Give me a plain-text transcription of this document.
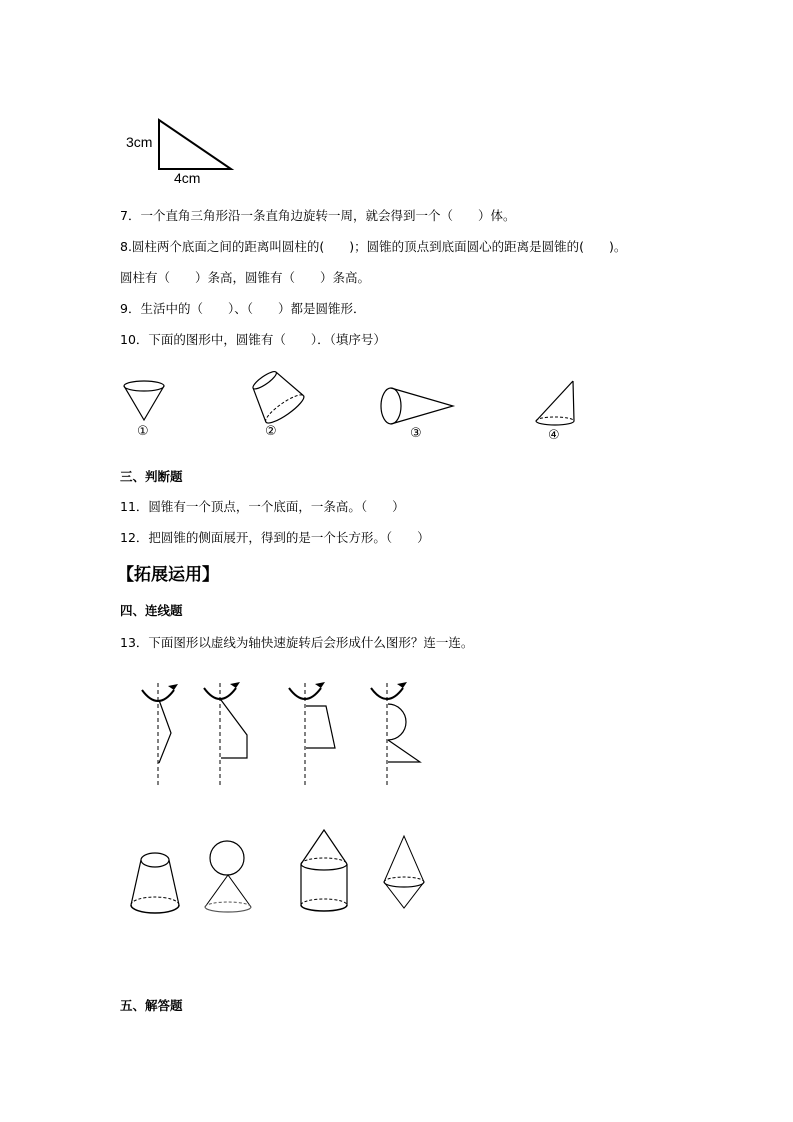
3cm
4cm
7．一个直角三角形沿一条直角边旋转一周，就会得到一个（　　）体。
8.圆柱两个底面之间的距离叫圆柱的(　　)；圆锥的顶点到底面圆心的距离是圆锥的(　　)。
圆柱有（　　）条高，圆锥有（　　）条高。
9．生活中的（　　）、（　　）都是圆锥形．
10．下面的图形中，圆锥有（　　）．（填序号）
①	②	③	④
三、判断题
11．圆锥有一个顶点，一个底面，一条高。（　　）
12．把圆锥的侧面展开，得到的是一个长方形。（　　）
【拓展运用】
四、连线题
13．下面图形以虚线为轴快速旋转后会形成什么图形？连一连。
五、解答题
